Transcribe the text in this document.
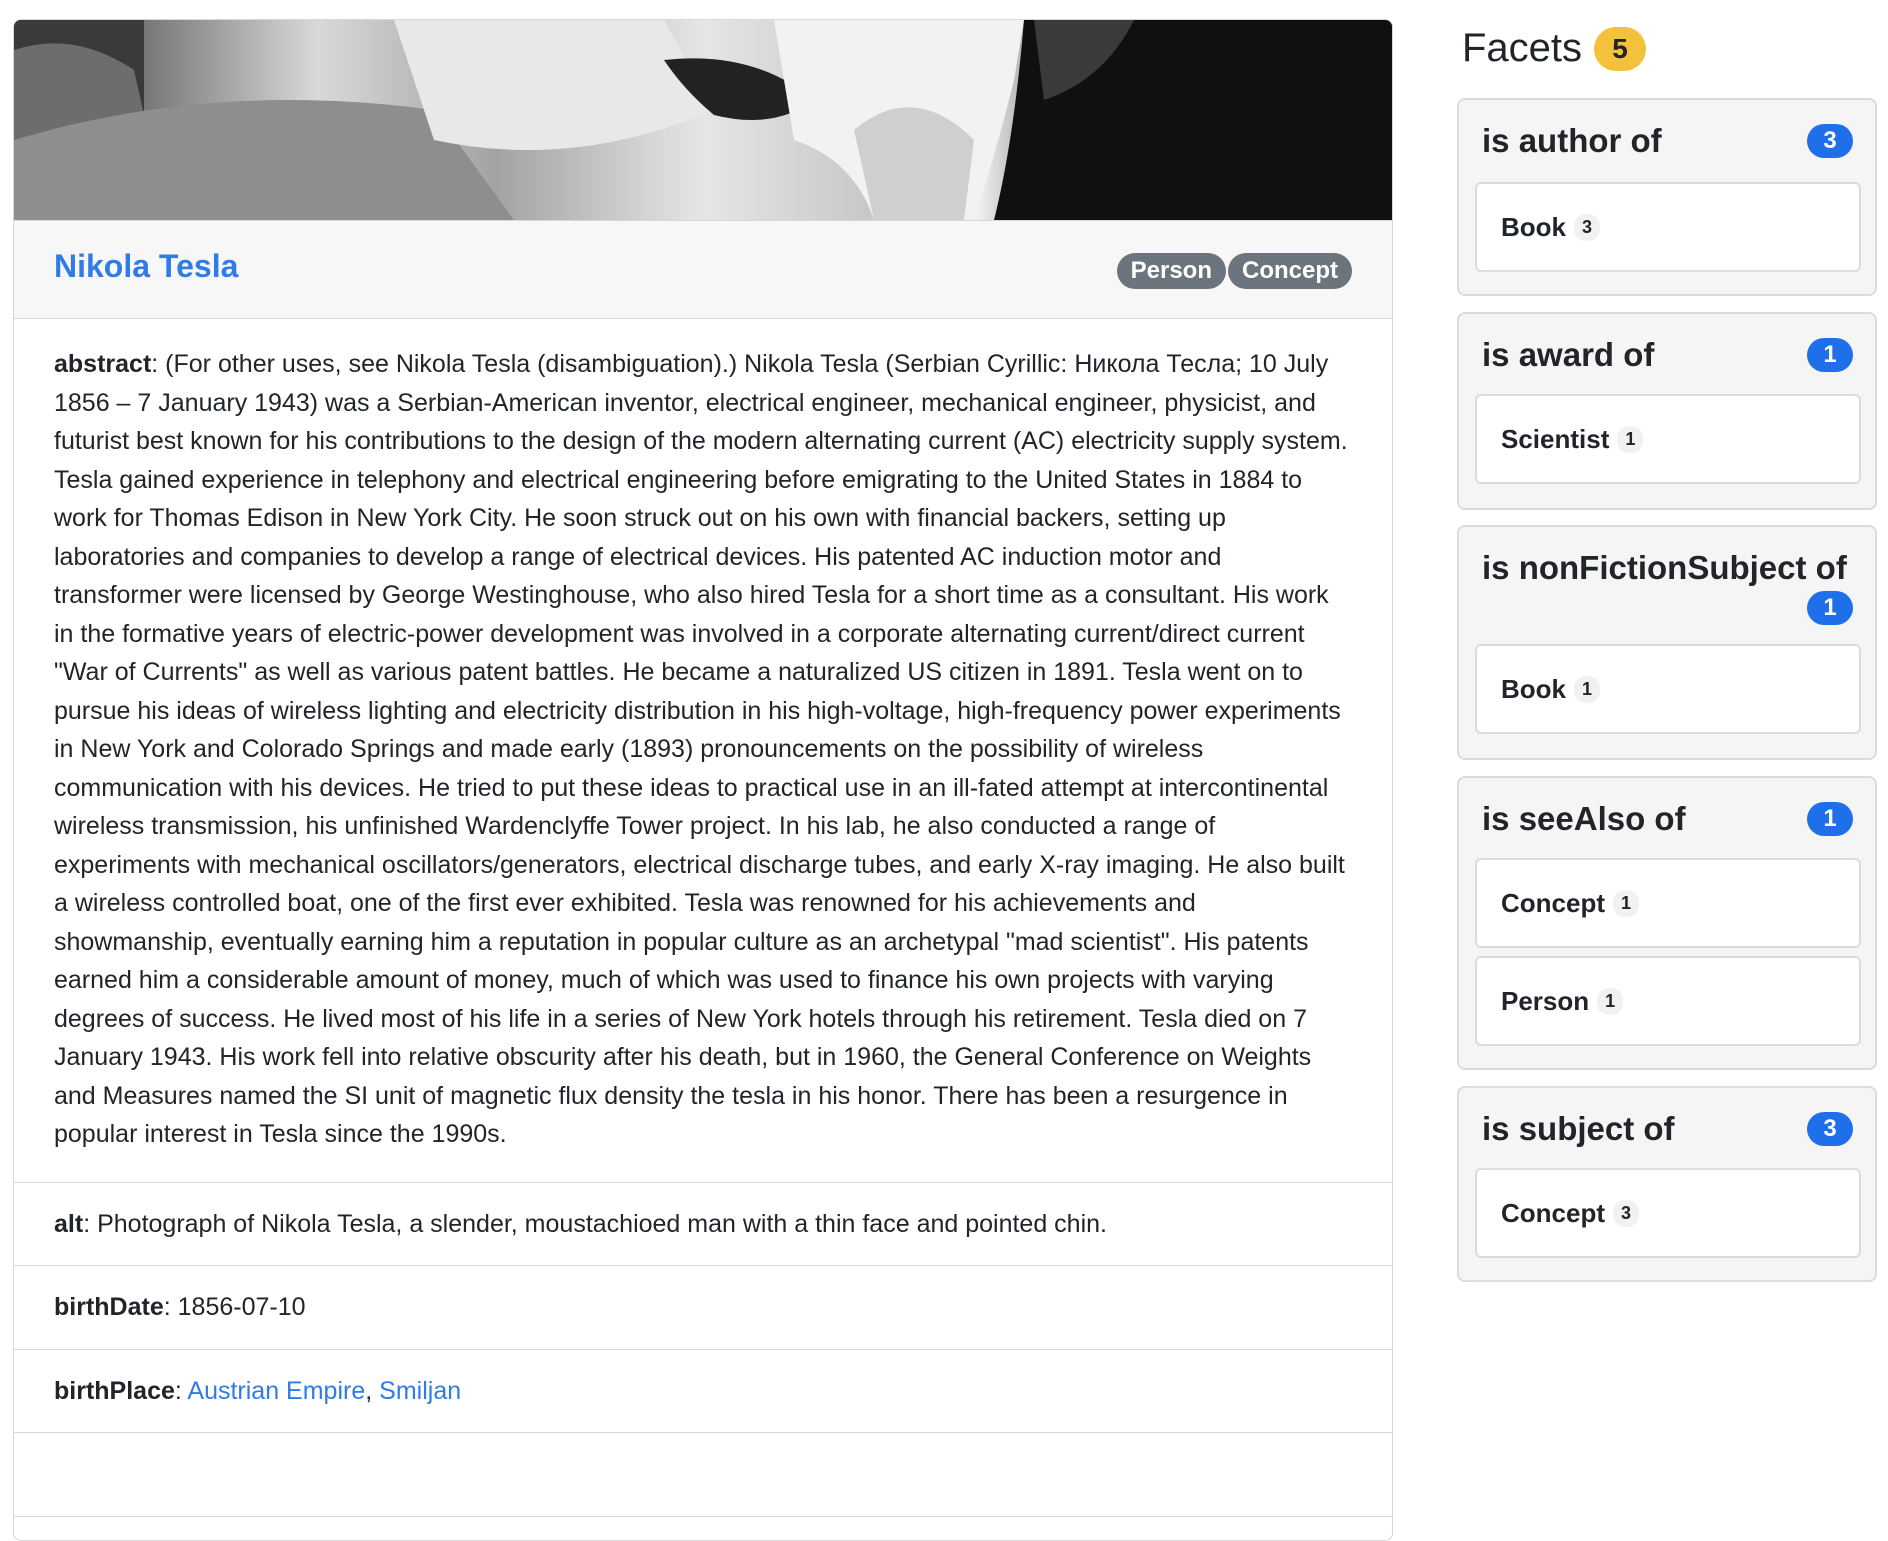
Nikola Tesla	Person	Concept
abstract: (For other uses, see Nikola Tesla (disambiguation).) Nikola Tesla (Serbian Cyrillic: Никола Тесла; 10 July 1856 – 7 January 1943) was a Serbian-American inventor, electrical engineer, mechanical engineer, physicist, and futurist best known for his contributions to the design of the modern alternating current (AC) electricity supply system. Tesla gained experience in telephony and electrical engineering before emigrating to the United States in 1884 to work for Thomas Edison in New York City. He soon struck out on his own with financial backers, setting up laboratories and companies to develop a range of electrical devices. His patented AC induction motor and transformer were licensed by George Westinghouse, who also hired Tesla for a short time as a consultant. His work in the formative years of electric-power development was involved in a corporate alternating current/direct current "War of Currents" as well as various patent battles. He became a naturalized US citizen in 1891. Tesla went on to pursue his ideas of wireless lighting and electricity distribution in his high-voltage, high-frequency power experiments in New York and Colorado Springs and made early (1893) pronouncements on the possibility of wireless communication with his devices. He tried to put these ideas to practical use in an ill-fated attempt at intercontinental wireless transmission, his unfinished Wardenclyffe Tower project. In his lab, he also conducted a range of experiments with mechanical oscillators/generators, electrical discharge tubes, and early X-ray imaging. He also built a wireless controlled boat, one of the first ever exhibited. Tesla was renowned for his achievements and showmanship, eventually earning him a reputation in popular culture as an archetypal "mad scientist". His patents earned him a considerable amount of money, much of which was used to finance his own projects with varying degrees of success. He lived most of his life in a series of New York hotels through his retirement. Tesla died on 7 January 1943. His work fell into relative obscurity after his death, but in 1960, the General Conference on Weights and Measures named the SI unit of magnetic flux density the tesla in his honor. There has been a resurgence in popular interest in Tesla since the 1990s.
alt: Photograph of Nikola Tesla, a slender, moustachioed man with a thin face and pointed chin.
birthDate: 1856-07-10
birthPlace: Austrian Empire, Smiljan

Facets	5
is author of	3
Book 3
is award of	1
Scientist 1
is nonFictionSubject of
1
Book 1
is seeAlso of	1
Concept 1
Person 1
is subject of	3
Concept 3
